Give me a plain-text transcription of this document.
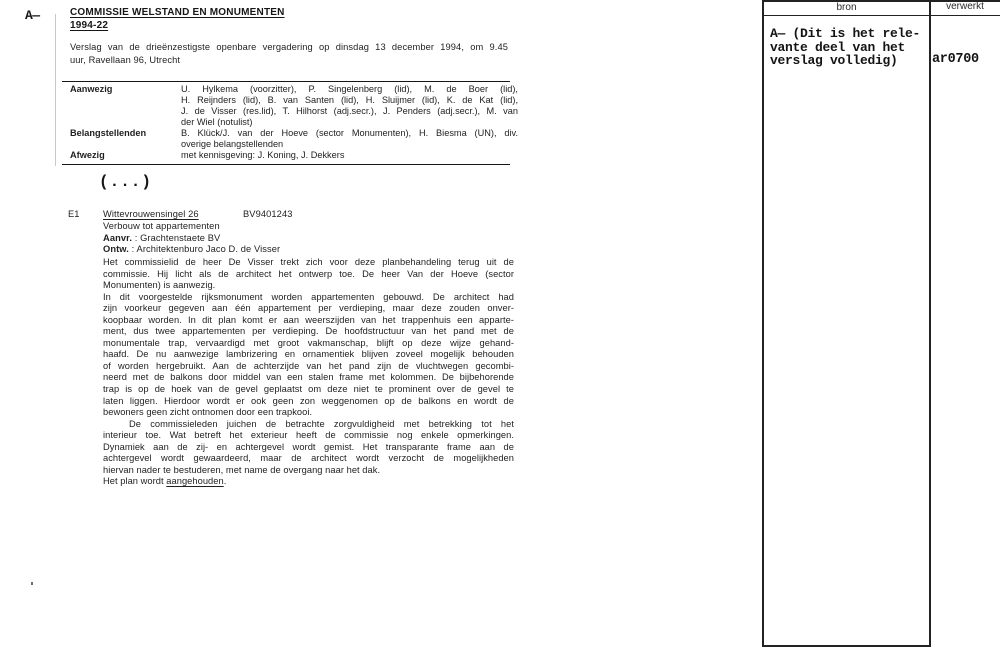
A—	COMMISSIE WELSTAND EN MONUMENTEN
1994-22
Verslag van de drieënzestigste openbare vergadering op dinsdag 13 december 1994, om 9.45
uur, Ravellaan 96, Utrecht
Aanwezig	U. Hylkema (voorzitter), P. Singelenberg (lid), M. de Boer (lid),
H. Reijnders (lid), B. van Santen (lid), H. Sluijmer (lid), K. de Kat (lid),
J. de Visser (res.lid), T. Hilhorst (adj.secr.), J. Penders (adj.secr.), M. van
der Wiel (notulist)
Belangstellenden	B. Klück/J. van der Hoeve (sector Monumenten), H. Biesma (UN), div.
overige belangstellenden
Afwezig	met kennisgeving: J. Koning, J. Dekkers
(...)
E1	Wittevrouwensingel 26	BV9401243
Verbouw tot appartementen
Aanvr. : Grachtenstaete BV
Ontw. : Architektenburo Jaco D. de Visser
Het commissielid de heer De Visser trekt zich voor deze planbehandeling terug uit de
commissie. Hij licht als de architect het ontwerp toe. De heer Van der Hoeve (sector
Monumenten) is aanwezig.
In dit voorgestelde rijksmonument worden appartementen gebouwd. De architect had
zijn voorkeur gegeven aan één appartement per verdieping, maar deze zouden onver-
koopbaar worden. In dit plan komt er aan weerszijden van het trappenhuis een apparte-
ment, dus twee appartementen per verdieping. De hoofdstructuur van het pand met de
monumentale trap, vervaardigd met groot vakmanschap, blijft op deze wijze gehand-
haafd. De nu aanwezige lambrizering en ornamentiek blijven zoveel mogelijk behouden
of worden hergebruikt. Aan de achterzijde van het pand zijn de vluchtwegen gecombi-
neerd met de balkons door middel van een stalen frame met kolommen. De bijbehorende
trap is op de hoek van de gevel geplaatst om deze niet te prominent over de gevel te
laten liggen. Hierdoor wordt er ook geen zon weggenomen op de balkons en wordt de
bewoners geen zicht ontnomen door een trapkooi.
De commissieleden juichen de betrachte zorgvuldigheid met betrekking tot het
interieur toe. Wat betreft het exterieur heeft de commissie nog enkele opmerkingen.
Dynamiek aan de zij- en achtergevel wordt gemist. Het transparante frame aan de
achtergevel wordt gewaardeerd, maar de architect wordt verzocht de mogelijkheden
hiervan nader te bestuderen, met name de overgang naar het dak.
Het plan wordt aangehouden.
bron	verwerkt
A— (Dit is het rele-
vante deel van het
verslag volledig)	ar0700
